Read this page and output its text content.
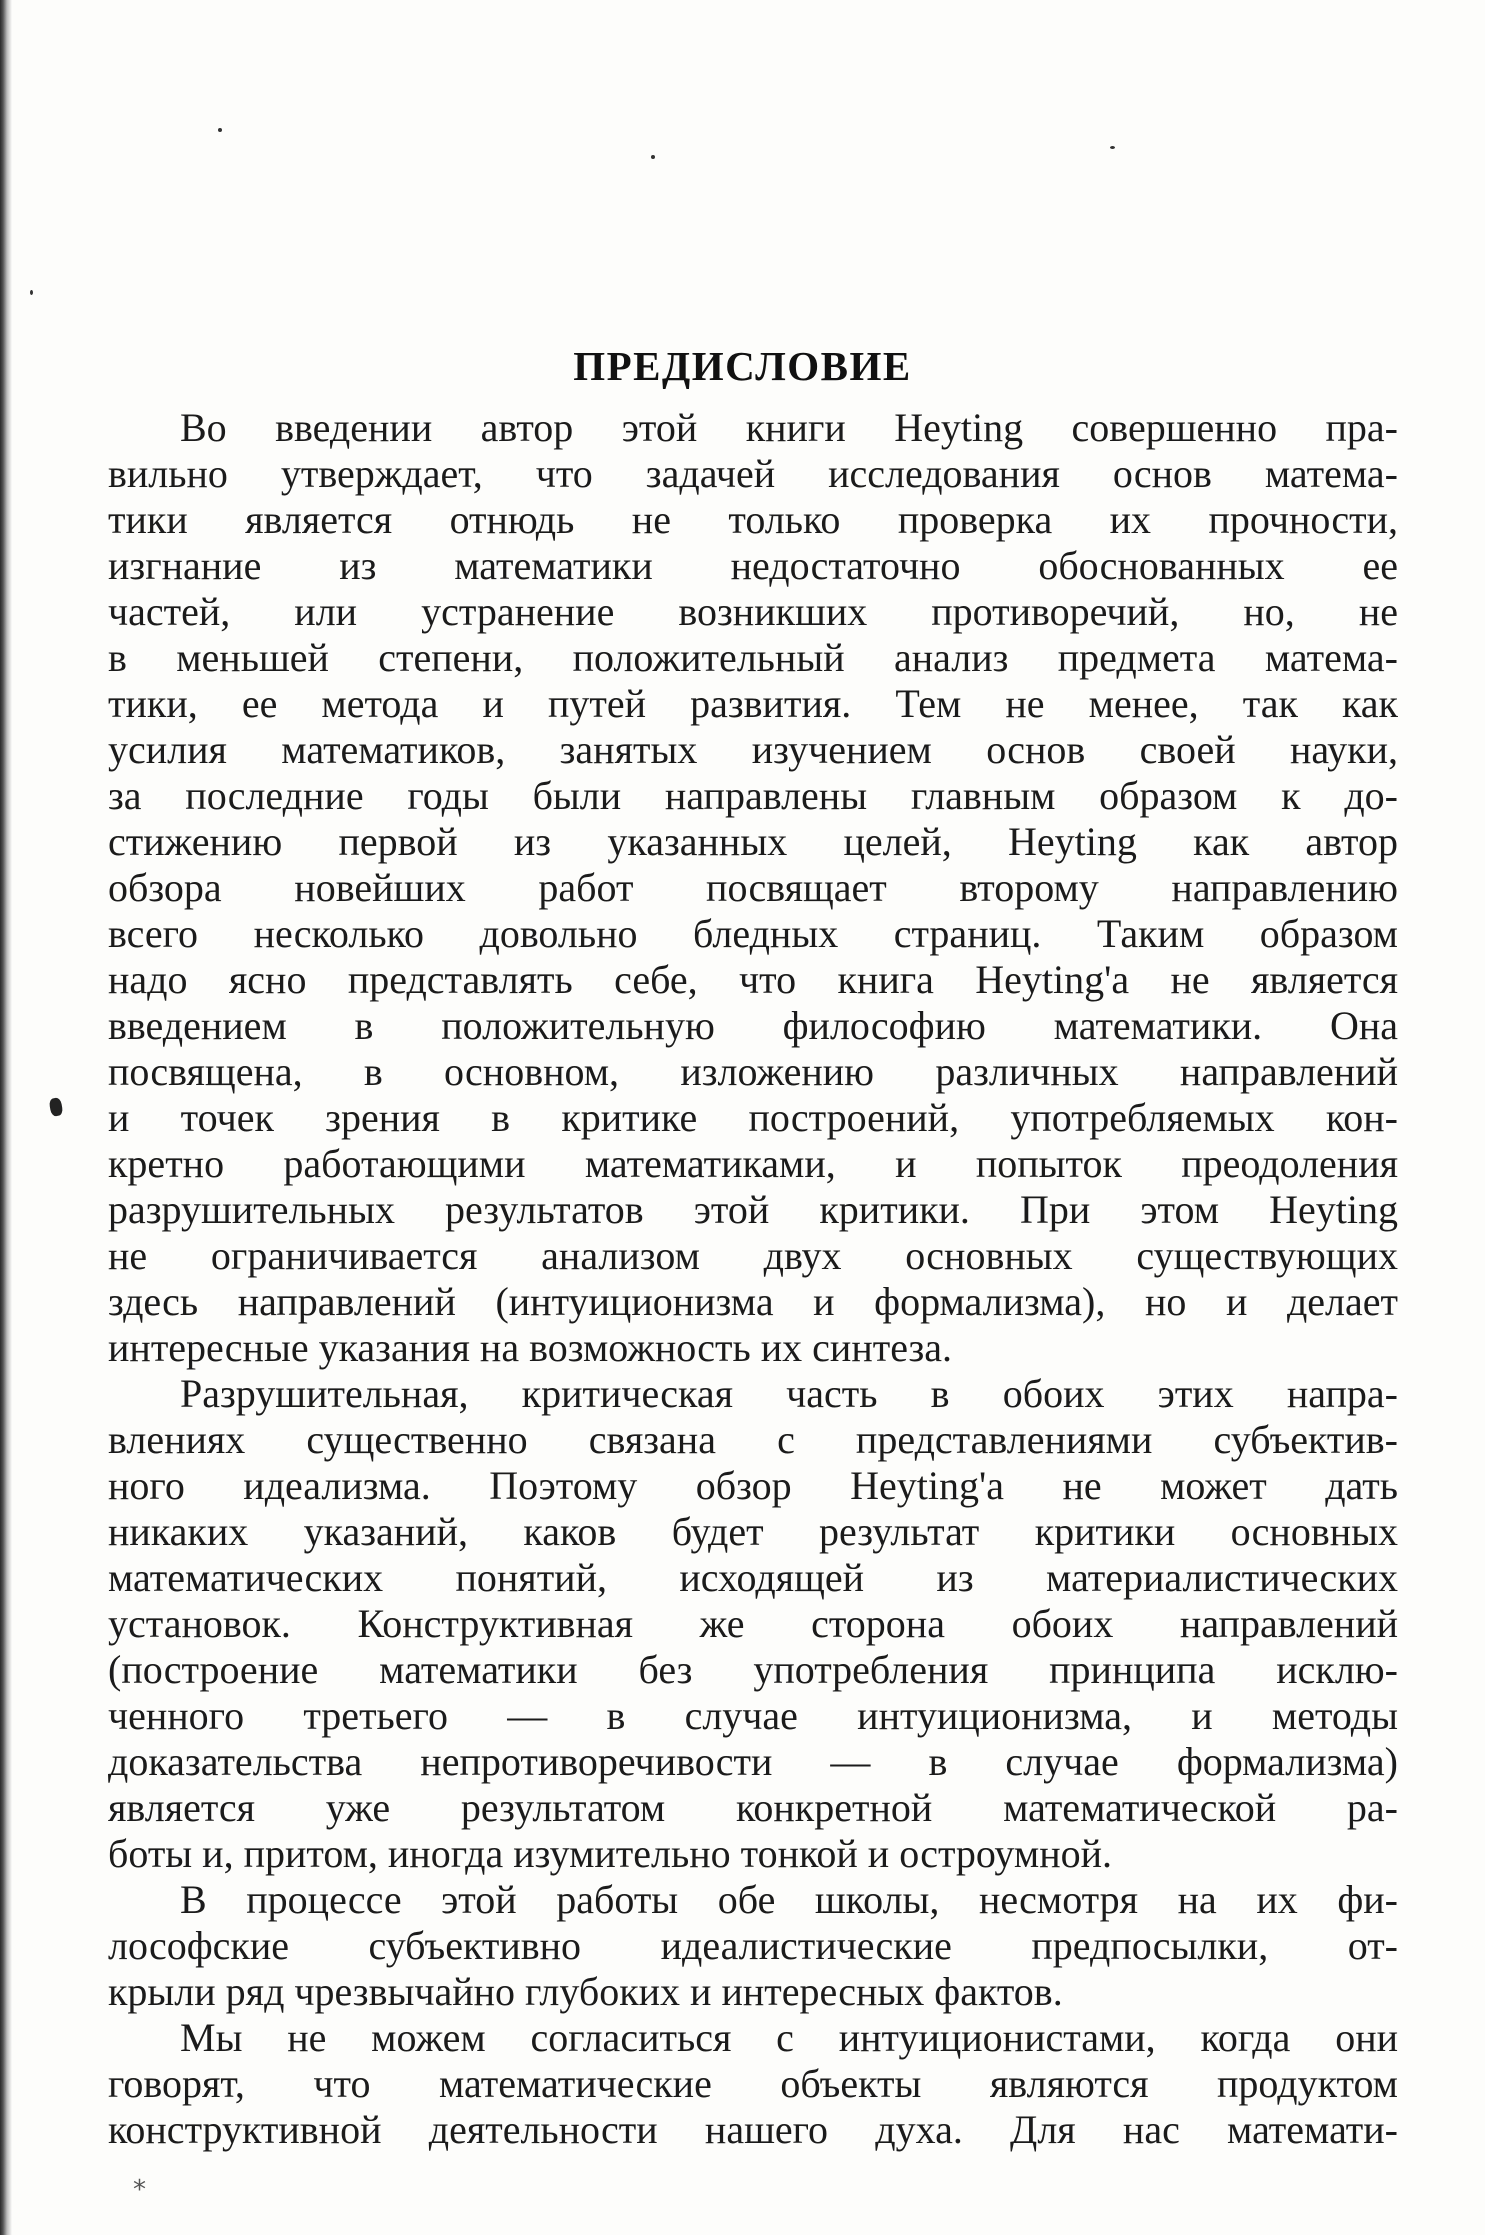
ПРЕДИСЛОВИЕ
Во введении автор этой книги Heyting совершенно пра-
вильно утверждает, что задачей исследования основ матема-
тики является отнюдь не только проверка их прочности,
изгнание из математики недостаточно обоснованных ее
частей, или устранение возникших противоречий, но, не
в меньшей степени, положительный анализ предмета матема-
тики, ее метода и путей развития. Тем не менее, так как
усилия математиков, занятых изучением основ своей науки,
за последние годы были направлены главным образом к до-
стижению первой из указанных целей, Heyting как автор
обзора новейших работ посвящает второму направлению
всего несколько довольно бледных страниц. Таким образом
надо ясно представлять себе, что книга Heyting'а не является
введением в положительную философию математики. Она
посвящена, в основном, изложению различных направлений
и точек зрения в критике построений, употребляемых кон-
кретно работающими математиками, и попыток преодоления
разрушительных результатов этой критики. При этом Heyting
не ограничивается анализом двух основных существующих
здесь направлений (интуиционизма и формализма), но и делает
интересные указания на возможность их синтеза.
Разрушительная, критическая часть в обоих этих напра-
влениях существенно связана с представлениями субъектив-
ного идеализма. Поэтому обзор Heyting'а не может дать
никаких указаний, каков будет результат критики основных
математических понятий, исходящей из материалистических
установок. Конструктивная же сторона обоих направлений
(построение математики без употребления принципа исклю-
ченного третьего — в случае интуиционизма, и методы
доказательства непротиворечивости — в случае формализма)
является уже результатом конкретной математической ра-
боты и, притом, иногда изумительно тонкой и остроумной.
В процессе этой работы обе школы, несмотря на их фи-
лософские субъективно идеалистические предпосылки, от-
крыли ряд чрезвычайно глубоких и интересных фактов.
Мы не можем согласиться с интуиционистами, когда они
говорят, что математические объекты являются продуктом
конструктивной деятельности нашего духа. Для нас математи-
*
